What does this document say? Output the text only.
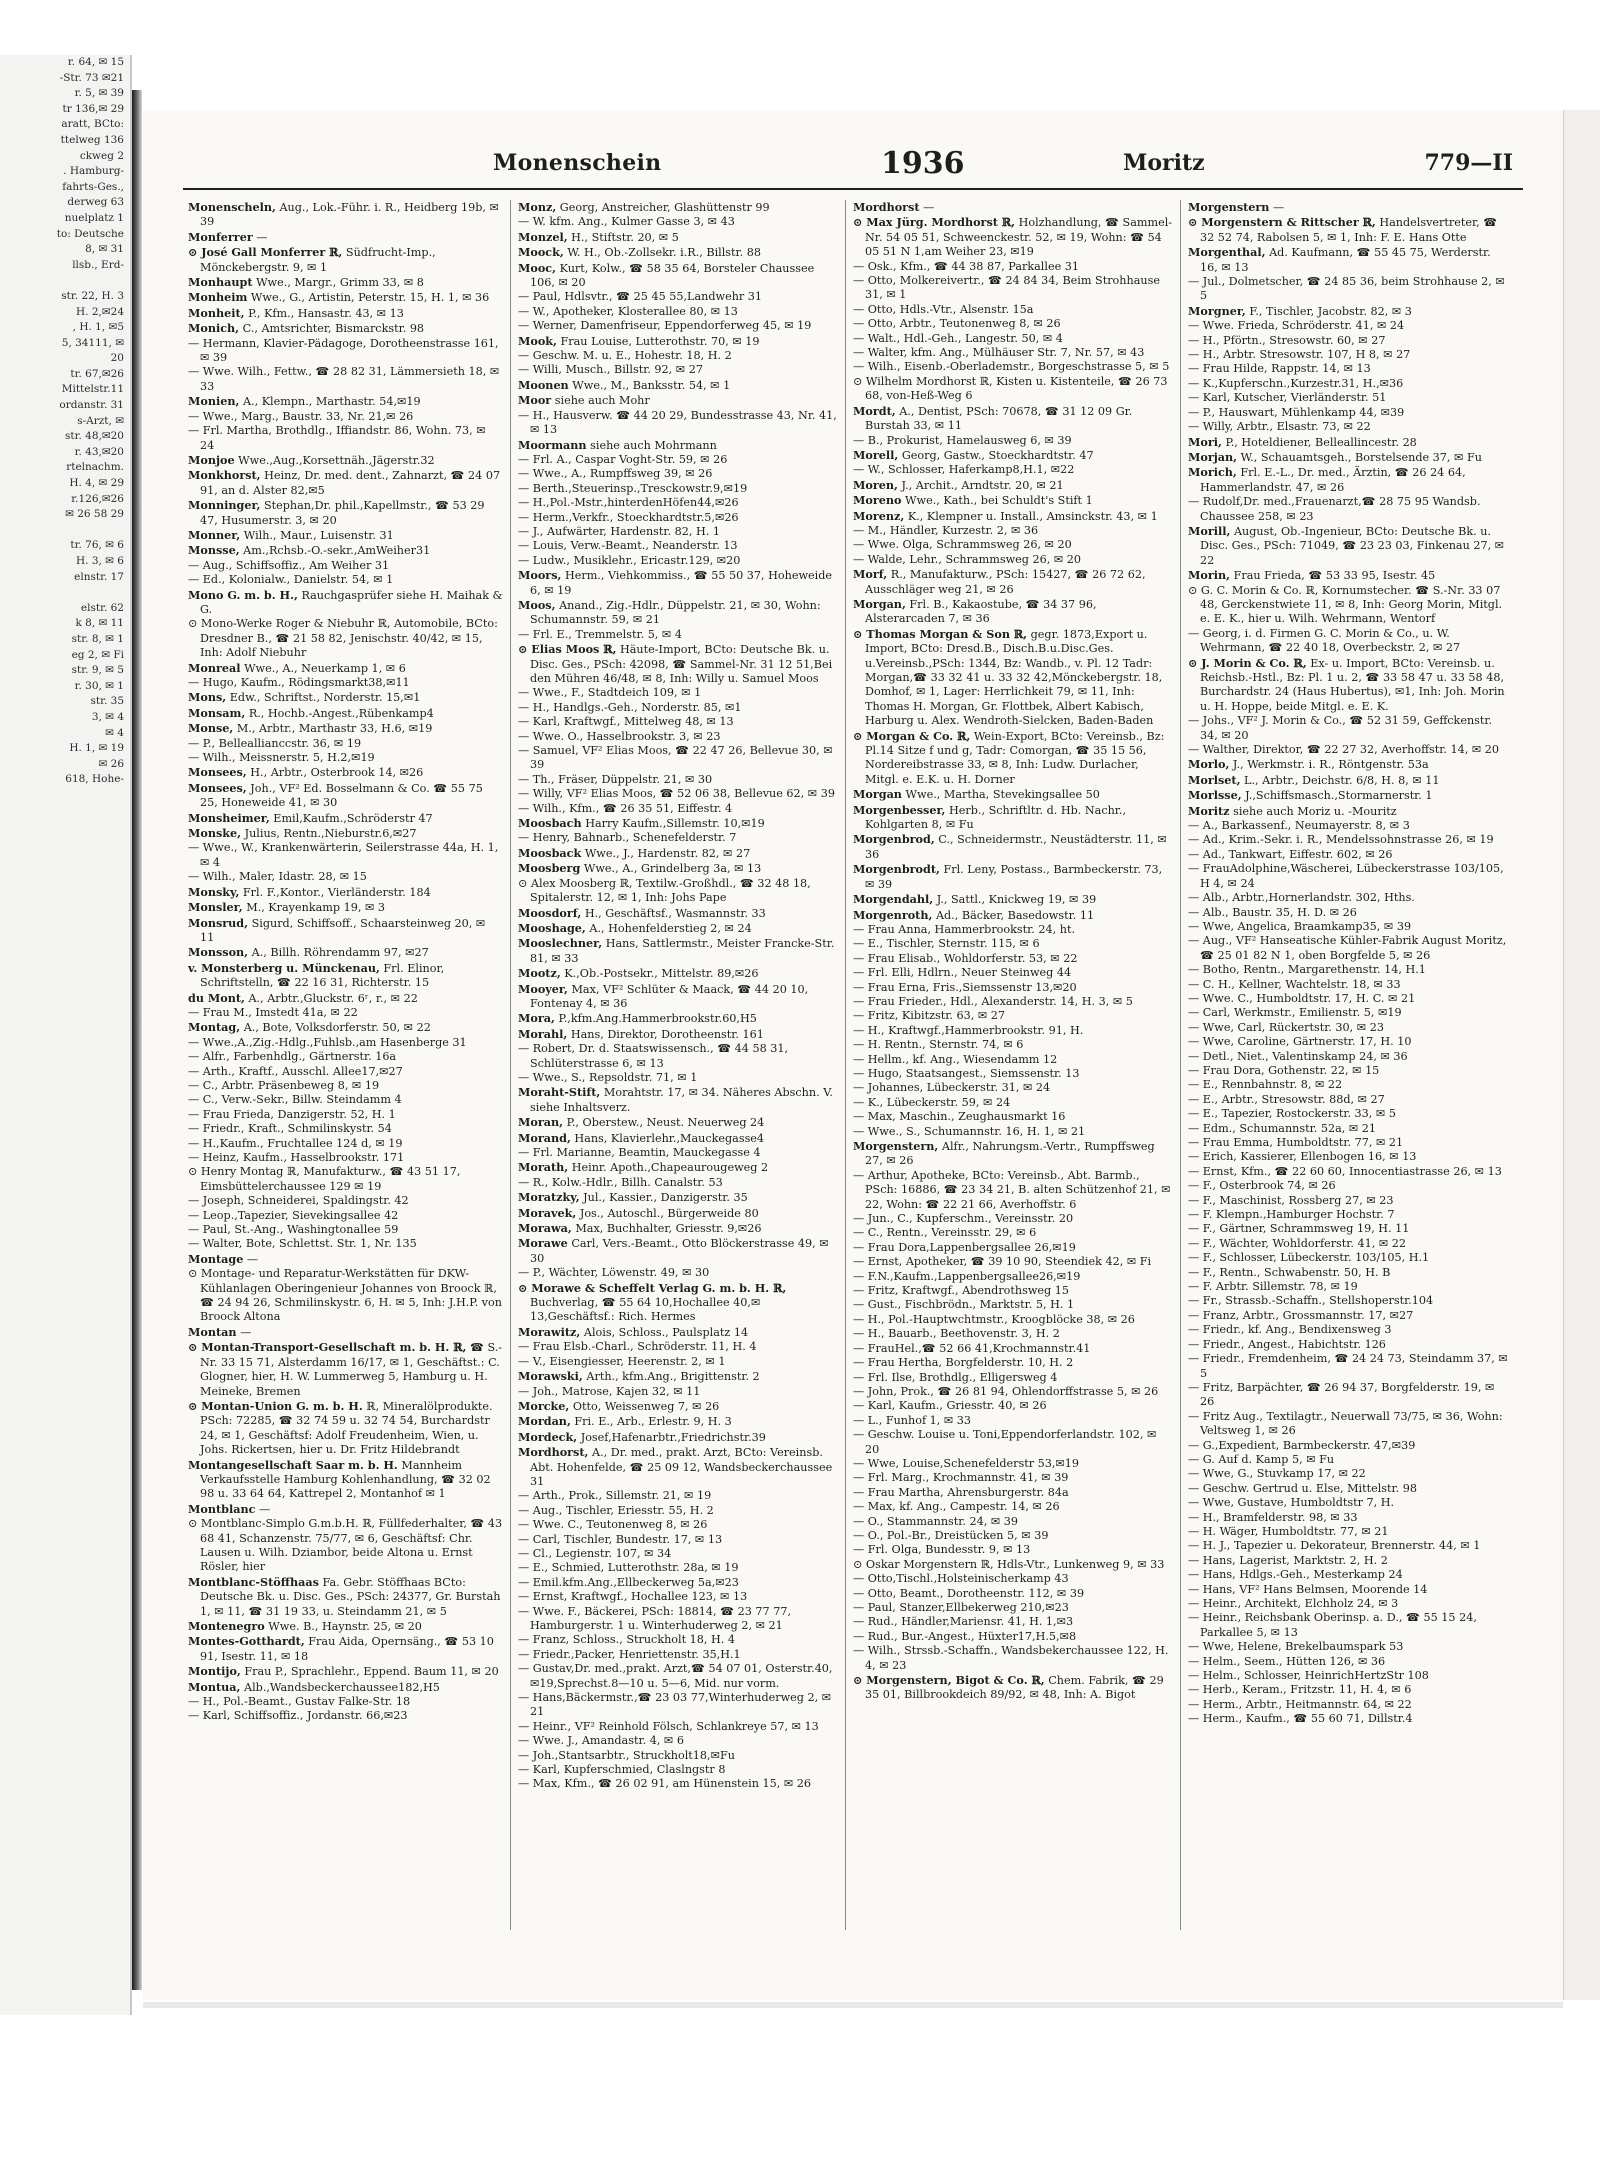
r. 64, ✉ 15
-Str. 73 ✉21
r. 5, ✉ 39
tr 136,✉ 29
aratt, BCto:
ttelweg 136
ckweg 2
. Hamburg-
fahrts-Ges.,
derweg 63
nuelplatz 1
to: Deutsche
8, ✉ 31
llsb., Erd-

str. 22, H. 3
H. 2,✉24
, H. 1, ✉5
5, 34111, ✉
20
tr. 67,✉26
Mittelstr.11
ordanstr. 31
s-Arzt, ✉
str. 48,✉20
r. 43,✉20
rtelnachm.
H. 4, ✉ 29
r.126,✉26
✉ 26 58 29

tr. 76, ✉ 6
H. 3, ✉ 6
elnstr. 17

elstr. 62
k 8, ✉ 11
str. 8, ✉ 1
eg 2, ✉ Fi
str. 9, ✉ 5
r. 30, ✉ 1
str. 35
3, ✉ 4
✉ 4
H. 1, ✉ 19
✉ 26
618, Hohe-
Monenschein	1936	Moritz	779—II

Monenscheln, Aug., Lok.-Führ. i. R., Heidberg 19b, ✉ 39

Monferrer —

⊙ José Gall Monferrer ℝ, Südfrucht-Imp., Mönckebergstr. 9, ✉ 1

Monhaupt Wwe., Margr., Grimm 33, ✉ 8

Monheim Wwe., G., Artistin, Peterstr. 15, H. 1, ✉ 36

Monheit, P., Kfm., Hansastr. 43, ✉ 13

Monich, C., Amtsrichter, Bismarckstr. 98

— Hermann, Klavier-Pädagoge, Dorotheenstrasse 161, ✉ 39

— Wwe. Wilh., Fettw., ☎ 28 82 31, Lämmersieth 18, ✉ 33

Monien, A., Klempn., Marthastr. 54,✉19

— Wwe., Marg., Baustr. 33, Nr. 21,✉ 26

— Frl. Martha, Brothdlg., Iffiandstr. 86, Wohn. 73, ✉ 24

Monjoe Wwe.,Aug.,Korsettnäh.,Jägerstr.32

Monkhorst, Heinz, Dr. med. dent., Zahnarzt, ☎ 24 07 91, an d. Alster 82,✉5

Monninger, Stephan,Dr. phil.,Kapellmstr., ☎ 53 29 47, Husumerstr. 3, ✉ 20

Monner, Wilh., Maur., Luisenstr. 31

Monsse, Am.,Rchsb.-O.-sekr.,AmWeiher31

— Aug., Schiffsoffiz., Am Weiher 31

— Ed., Kolonialw., Danielstr. 54, ✉ 1

Mono G. m. b. H., Rauchgasprüfer siehe H. Maihak & G.

⊙ Mono-Werke Roger & Niebuhr ℝ, Automobile, BCto: Dresdner B., ☎ 21 58 82, Jenischstr. 40/42, ✉ 15, Inh: Adolf Niebuhr

Monreal Wwe., A., Neuerkamp 1, ✉ 6

— Hugo, Kaufm., Rödingsmarkt38,✉11

Mons, Edw., Schriftst., Norderstr. 15,✉1

Monsam, R., Hochb.-Angest.,Rübenkamp4

Monse, M., Arbtr., Marthastr 33, H.6, ✉19

— P., Belleallianccstr. 36, ✉ 19

— Wilh., Meissnerstr. 5, H.2,✉19

Monsees, H., Arbtr., Osterbrook 14, ✉26

Monsees, Joh., ⅤF² Ed. Bosselmann & Co. ☎ 55 75 25, Honeweide 41, ✉ 30

Monsheimer, Emil,Kaufm.,Schröderstr 47

Monske, Julius, Rentn.,Nieburstr.6,✉27

— Wwe., W., Krankenwärterin, Seilerstrasse 44a, H. 1, ✉ 4

— Wilh., Maler, Idastr. 28, ✉ 15

Monsky, Frl. F.,Kontor., Vierländerstr. 184

Monsler, M., Krayenkamp 19, ✉ 3

Monsrud, Sigurd, Schiffsoff., Schaarsteinweg 20, ✉ 11

Monsson, A., Billh. Röhrendamm 97, ✉27

v. Monsterberg u. Münckenau, Frl. Elinor, Schriftstelln, ☎ 22 16 31, Richterstr. 15

du Mont, A., Arbtr.,Gluckstr. 6ʳ, r., ✉ 22

— Frau M., Imstedt 41a, ✉ 22

Montag, A., Bote, Volksdorferstr. 50, ✉ 22

— Wwe.,A.,Zig.-Hdlg.,Fuhlsb.,am Hasenberge 31

— Alfr., Farbenhdlg., Gärtnerstr. 16a

— Arth., Kraftf., Ausschl. Allee17,✉27

— C., Arbtr. Präsenbeweg 8, ✉ 19

— C., Verw.-Sekr., Billw. Steindamm 4

— Frau Frieda, Danzigerstr. 52, H. 1

— Friedr., Kraft., Schmilinskystr. 54

— H.,Kaufm., Fruchtallee 124 d, ✉ 19

— Heinz, Kaufm., Hasselbrookstr. 171

⊙ Henry Montag ℝ, Manufakturw., ☎ 43 51 17, Eimsbüttelerchaussee 129 ✉ 19

— Joseph, Schneiderei, Spaldingstr. 42

— Leop.,Tapezier, Sievekingsallee 42

— Paul, St.-Ang., Washingtonallee 59

— Walter, Bote, Schlettst. Str. 1, Nr. 135

Montage —

⊙ Montage- und Reparatur-Werkstätten für DKW-Kühlanlagen Oberingenieur Johannes von Broock ℝ, ☎ 24 94 26, Schmilinskystr. 6, H. ✉ 5, Inh: J.H.P. von Broock Altona

Montan —

⊙ Montan-Transport-Gesellschaft m. b. H. ℝ, ☎ S.-Nr. 33 15 71, Alsterdamm 16/17, ✉ 1, Geschäftst.: C. Glogner, hier, H. W. Lummerweg 5, Hamburg u. H. Meineke, Bremen

⊙ Montan-Union G. m. b. H. ℝ, Mineralölprodukte. PSch: 72285, ☎ 32 74 59 u. 32 74 54, Burchardstr 24, ✉ 1, Geschäftsf: Adolf Freudenheim, Wien, u. Johs. Rickertsen, hier u. Dr. Fritz Hildebrandt

Montangesellschaft Saar m. b. H. Mannheim Verkaufsstelle Hamburg Kohlenhandlung, ☎ 32 02 98 u. 33 64 64, Kattrepel 2, Montanhof ✉ 1

Montblanc —

⊙ Montblanc-Simplo G.m.b.H. ℝ, Füllfederhalter, ☎ 43 68 41, Schanzenstr. 75/77, ✉ 6, Geschäftsf: Chr. Lausen u. Wilh. Dziambor, beide Altona u. Ernst Rösler, hier

Montblanc-Stöffhaas Fa. Gebr. Stöffhaas BCto: Deutsche Bk. u. Disc. Ges., PSch: 24377, Gr. Burstah 1, ✉ 11, ☎ 31 19 33, u. Steindamm 21, ✉ 5

Montenegro Wwe. B., Haynstr. 25, ✉ 20

Montes-Gotthardt, Frau Aida, Opernsäng., ☎ 53 10 91, Isestr. 11, ✉ 18

Montijo, Frau P., Sprachlehr., Eppend. Baum 11, ✉ 20

Montua, Alb.,Wandsbeckerchaussee182,H5

— H., Pol.-Beamt., Gustav Falke-Str. 18

— Karl, Schiffsoffiz., Jordanstr. 66,✉23

Monz, Georg, Anstreicher, Glashüttenstr 99

— W. kfm. Ang., Kulmer Gasse 3, ✉ 43

Monzel, H., Stiftstr. 20, ✉ 5

Moock, W. H., Ob.-Zollsekr. i.R., Billstr. 88

Mooc, Kurt, Kolw., ☎ 58 35 64, Borsteler Chaussee 106, ✉ 20

— Paul, Hdlsvtr., ☎ 25 45 55,Landwehr 31

— W., Apotheker, Klosterallee 80, ✉ 13

— Werner, Damenfriseur, Eppendorferweg 45, ✉ 19

Mook, Frau Louise, Lutterothstr. 70, ✉ 19

— Geschw. M. u. E., Hohestr. 18, H. 2

— Willi, Musch., Billstr. 92, ✉ 27

Moonen Wwe., M., Banksstr. 54, ✉ 1

Moor siehe auch Mohr

— H., Hausverw. ☎ 44 20 29, Bundesstrasse 43, Nr. 41, ✉ 13

Moormann siehe auch Mohrmann

— Frl. A., Caspar Voght-Str. 59, ✉ 26

— Wwe., A., Rumpffsweg 39, ✉ 26

— Berth.,Steuerinsp.,Tresckowstr.9,✉19

— H.,Pol.-Mstr.,hinterdenHöfen44,✉26

— Herm.,Verkfr., Stoeckhardtstr.5,✉26

— J., Aufwärter, Hardenstr. 82, H. 1

— Louis, Verw.-Beamt., Neanderstr. 13

— Ludw., Musiklehr., Ericastr.129, ✉20

Moors, Herm., Viehkommiss., ☎ 55 50 37, Hoheweide 6, ✉ 19

Moos, Anand., Zig.-Hdlr., Düppelstr. 21, ✉ 30, Wohn: Schumannstr. 59, ✉ 21

— Frl. E., Tremmelstr. 5, ✉ 4

⊙ Elias Moos ℝ, Häute-Import, BCto: Deutsche Bk. u. Disc. Ges., PSch: 42098, ☎ Sammel-Nr. 31 12 51,Bei den Mühren 46/48, ✉ 8, Inh: Willy u. Samuel Moos

— Wwe., F., Stadtdeich 109, ✉ 1

— H., Handlgs.-Geh., Norderstr. 85, ✉1

— Karl, Kraftwgf., Mittelweg 48, ✉ 13

— Wwe. O., Hasselbrookstr. 3, ✉ 23

— Samuel, ⅤF² Elias Moos, ☎ 22 47 26, Bellevue 30, ✉ 39

— Th., Fräser, Düppelstr. 21, ✉ 30

— Willy, ⅤF² Elias Moos, ☎ 52 06 38, Bellevue 62, ✉ 39

— Wilh., Kfm., ☎ 26 35 51, Eiffestr. 4

Moosbach Harry Kaufm.,Sillemstr. 10,✉19

— Henry, Bahnarb., Schenefelderstr. 7

Moosback Wwe., J., Hardenstr. 82, ✉ 27

Moosberg Wwe., A., Grindelberg 3a, ✉ 13

⊙ Alex Moosberg ℝ, Textilw.-Großhdl., ☎ 32 48 18, Spitalerstr. 12, ✉ 1, Inh: Johs Pape

Moosdorf, H., Geschäftsf., Wasmannstr. 33

Mooshage, A., Hohenfelderstieg 2, ✉ 24

Mooslechner, Hans, Sattlermstr., Meister Francke-Str. 81, ✉ 33

Mootz, K.,Ob.-Postsekr., Mittelstr. 89,✉26

Mooyer, Max, ⅤF² Schlüter & Maack, ☎ 44 20 10, Fontenay 4, ✉ 36

Mora, P.,kfm.Ang.Hammerbrookstr.60,H5

Morahl, Hans, Direktor, Dorotheenstr. 161

— Robert, Dr. d. Staatswissensch., ☎ 44 58 31, Schlüterstrasse 6, ✉ 13

— Wwe., S., Repsoldstr. 71, ✉ 1

Moraht-Stift, Morahtstr. 17, ✉ 34. Näheres Abschn. V. siehe Inhaltsverz.

Moran, P., Oberstew., Neust. Neuerweg 24

Morand, Hans, Klavierlehr.,Mauckegasse4

— Frl. Marianne, Beamtin, Mauckegasse 4

Morath, Heinr. Apoth.,Chapeaurougeweg 2

— R., Kolw.-Hdlr., Billh. Canalstr. 53

Moratzky, Jul., Kassier., Danzigerstr. 35

Moravek, Jos., Autoschl., Bürgerweide 80

Morawa, Max, Buchhalter, Griesstr. 9,✉26

Morawe Carl, Vers.-Beamt., Otto Blöckerstrasse 49, ✉ 30

— P., Wächter, Löwenstr. 49, ✉ 30

⊙ Morawe & Scheffelt Verlag G. m. b. H. ℝ, Buchverlag, ☎ 55 64 10,Hochallee 40,✉13,Geschäftsf.: Rich. Hermes

Morawitz, Alois, Schloss., Paulsplatz 14

— Frau Elsb.-Charl., Schröderstr. 11, H. 4

— V., Eisengiesser, Heerenstr. 2, ✉ 1

Morawski, Arth., kfm.Ang., Brigittenstr. 2

— Joh., Matrose, Kajen 32, ✉ 11

Morcke, Otto, Weissenweg 7, ✉ 26

Mordan, Fri. E., Arb., Erlestr. 9, H. 3

Mordeck, Josef,Hafenarbtr.,Friedrichstr.39

Mordhorst, A., Dr. med., prakt. Arzt, BCto: Vereinsb. Abt. Hohenfelde, ☎ 25 09 12, Wandsbeckerchaussee 31

— Arth., Prok., Sillemstr. 21, ✉ 19

— Aug., Tischler, Eriesstr. 55, H. 2

— Wwe. C., Teutonenweg 8, ✉ 26

— Carl, Tischler, Bundestr. 17, ✉ 13

— Cl., Legienstr. 107, ✉ 34

— E., Schmied, Lutterothstr. 28a, ✉ 19

— Emil.kfm.Ang.,Ellbeckerweg 5a,✉23

— Ernst, Kraftwgf., Hochallee 123, ✉ 13

— Wwe. F., Bäckerei, PSch: 18814, ☎ 23 77 77, Hamburgerstr. 1 u. Winterhuderweg 2, ✉ 21

— Franz, Schloss., Struckholt 18, H. 4

— Friedr.,Packer, Henriettenstr. 35,H.1

— Gustav,Dr. med.,prakt. Arzt,☎ 54 07 01, Osterstr.40,✉19,Sprechst.8—10 u. 5—6, Mid. nur vorm.

— Hans,Bäckermstr.,☎ 23 03 77,Winterhuderweg 2, ✉ 21

— Heinr., ⅤF² Reinhold Fölsch, Schlankreye 57, ✉ 13

— Wwe. J., Amandastr. 4, ✉ 6

— Joh.,Stantsarbtr., Struckholt18,✉Fu

— Karl, Kupferschmied, Claslngstr 8

— Max, Kfm., ☎ 26 02 91, am Hünenstein 15, ✉ 26

Mordhorst —

⊙ Max Jürg. Mordhorst ℝ, Holzhandlung, ☎ Sammel-Nr. 54 05 51, Schweenckestr. 52, ✉ 19, Wohn: ☎ 54 05 51 N 1,am Weiher 23, ✉19

— Osk., Kfm., ☎ 44 38 87, Parkallee 31

— Otto, Molkereivertr., ☎ 24 84 34, Beim Strohhause 31, ✉ 1

— Otto, Hdls.-Vtr., Alsenstr. 15a

— Otto, Arbtr., Teutonenweg 8, ✉ 26

— Walt., Hdl.-Geh., Langestr. 50, ✉ 4

— Walter, kfm. Ang., Mülhäuser Str. 7, Nr. 57, ✉ 43

— Wilh., Eisenb.-Oberlademstr., Borgeschstrasse 5, ✉ 5

⊙ Wilhelm Mordhorst ℝ, Kisten u. Kistenteile, ☎ 26 73 68, von-Heß-Weg 6

Mordt, A., Dentist, PSch: 70678, ☎ 31 12 09 Gr. Burstah 33, ✉ 11

— B., Prokurist, Hamelausweg 6, ✉ 39

Morell, Georg, Gastw., Stoeckhardtstr. 47

— W., Schlosser, Haferkamp8,H.1, ✉22

Moren, J., Archit., Arndtstr. 20, ✉ 21

Moreno Wwe., Kath., bei Schuldt's Stift 1

Morenz, K., Klempner u. Install., Amsinckstr. 43, ✉ 1

— M., Händler, Kurzestr. 2, ✉ 36

— Wwe. Olga, Schrammsweg 26, ✉ 20

— Walde, Lehr., Schrammsweg 26, ✉ 20

Morf, R., Manufakturw., PSch: 15427, ☎ 26 72 62, Ausschläger weg 21, ✉ 26

Morgan, Frl. B., Kakaostube, ☎ 34 37 96, Alsterarcaden 7, ✉ 36

⊙ Thomas Morgan & Son ℝ, gegr. 1873,Export u. Import, BCto: Dresd.B., Disch.B.u.Disc.Ges. u.Vereinsb.,PSch: 1344, Bz: Wandb., v. Pl. 12 Tadr: Morgan,☎ 33 32 41 u. 33 32 42,Mönckebergstr. 18, Domhof, ✉ 1, Lager: Herrlichkeit 79, ✉ 11, Inh: Thomas H. Morgan, Gr. Flottbek, Albert Kabisch, Harburg u. Alex. Wendroth-Sielcken, Baden-Baden

⊙ Morgan & Co. ℝ, Wein-Export, BCto: Vereinsb., Bz: Pl.14 Sitze f und g, Tadr: Comorgan, ☎ 35 15 56, Nordereibstrasse 33, ✉ 8, Inh: Ludw. Durlacher, Mitgl. e. E.K. u. H. Dorner

Morgan Wwe., Martha, Stevekingsallee 50

Morgenbesser, Herb., Schriftltr. d. Hb. Nachr., Kohlgarten 8, ✉ Fu

Morgenbrod, C., Schneidermstr., Neustädterstr. 11, ✉ 36

Morgenbrodt, Frl. Leny, Postass., Barmbeckerstr. 73, ✉ 39

Morgendahl, J., Sattl., Knickweg 19, ✉ 39

Morgenroth, Ad., Bäcker, Basedowstr. 11

— Frau Anna, Hammerbrookstr. 24, ht.

— E., Tischler, Sternstr. 115, ✉ 6

— Frau Elisab., Wohldorferstr. 53, ✉ 22

— Frl. Elli, Hdlrn., Neuer Steinweg 44

— Frau Erna, Fris.,Siemssenstr 13,✉20

— Frau Frieder., Hdl., Alexanderstr. 14, H. 3, ✉ 5

— Fritz, Kibitzstr. 63, ✉ 27

— H., Kraftwgf.,Hammerbrookstr. 91, H.

— H. Rentn., Sternstr. 74, ✉ 6

— Hellm., kf. Ang., Wiesendamm 12

— Hugo, Staatsangest., Siemssenstr. 13

— Johannes, Lübeckerstr. 31, ✉ 24

— K., Lübeckerstr. 59, ✉ 24

— Max, Maschin., Zeughausmarkt 16

— Wwe., S., Schumannstr. 16, H. 1, ✉ 21

Morgenstern, Alfr., Nahrungsm.-Vertr., Rumpffsweg 27, ✉ 26

— Arthur, Apotheke, BCto: Vereinsb., Abt. Barmb., PSch: 16886, ☎ 23 34 21, B. alten Schützenhof 21, ✉ 22, Wohn: ☎ 22 21 66, Averhoffstr. 6

— Jun., C., Kupferschm., Vereinsstr. 20

— C., Rentn., Vereinsstr. 29, ✉ 6

— Frau Dora,Lappenbergsallee 26,✉19

— Ernst, Apotheker, ☎ 39 10 90, Steendiek 42, ✉ Fi

— F.N.,Kaufm.,Lappenbergsallee26,✉19

— Fritz, Kraftwgf., Abendrothsweg 15

— Gust., Fischbrödn., Marktstr. 5, H. 1

— H., Pol.-Hauptwchtmstr., Kroogblöcke 38, ✉ 26

— H., Bauarb., Beethovenstr. 3, H. 2

— FrauHel.,☎ 52 66 41,Krochmannstr.41

— Frau Hertha, Borgfelderstr. 10, H. 2

— Frl. Ilse, Brothdlg., Elligersweg 4

— John, Prok., ☎ 26 81 94, Ohlendorffstrasse 5, ✉ 26

— Karl, Kaufm., Griesstr. 40, ✉ 26

— L., Funhof 1, ✉ 33

— Geschw. Louise u. Toni,Eppendorferlandstr. 102, ✉ 20

— Wwe, Louise,Schenefelderstr 53,✉19

— Frl. Marg., Krochmannstr. 41, ✉ 39

— Frau Martha, Ahrensburgerstr. 84a

— Max, kf. Ang., Campestr. 14, ✉ 26

— O., Stammannstr. 24, ✉ 39

— O., Pol.-Br., Dreistücken 5, ✉ 39

— Frl. Olga, Bundesstr. 9, ✉ 13

⊙ Oskar Morgenstern ℝ, Hdls-Vtr., Lunkenweg 9, ✉ 33

— Otto,Tischl.,Holsteinischerkamp 43

— Otto, Beamt., Dorotheenstr. 112, ✉ 39

— Paul, Stanzer,Ellbekerweg 210,✉23

— Rud., Händler,Mariensr. 41, H. 1,✉3

— Rud., Bur.-Angest., Hüxter17,H.5,✉8

— Wilh., Strssb.-Schaffn., Wandsbekerchaussee 122, H. 4, ✉ 23

⊙ Morgenstern, Bigot & Co. ℝ, Chem. Fabrik, ☎ 29 35 01, Billbrookdeich 89/92, ✉ 48, Inh: A. Bigot

Morgenstern —

⊙ Morgenstern & Rittscher ℝ, Handelsvertreter, ☎ 32 52 74, Rabolsen 5, ✉ 1, Inh: F. E. Hans Otte

Morgenthal, Ad. Kaufmann, ☎ 55 45 75, Werderstr. 16, ✉ 13

— Jul., Dolmetscher, ☎ 24 85 36, beim Strohhause 2, ✉ 5

Morgner, F., Tischler, Jacobstr. 82, ✉ 3

— Wwe. Frieda, Schröderstr. 41, ✉ 24

— H., Pförtn., Stresowstr. 60, ✉ 27

— H., Arbtr. Stresowstr. 107, H 8, ✉ 27

— Frau Hilde, Rappstr. 14, ✉ 13

— K.,Kupferschn.,Kurzestr.31, H.,✉36

— Karl, Kutscher, Vierländerstr. 51

— P., Hauswart, Mühlenkamp 44, ✉39

— Willy, Arbtr., Elsastr. 73, ✉ 22

Mori, P., Hoteldiener, Belleallincestr. 28

Morjan, W., Schauamtsgeh., Borstelsende 37, ✉ Fu

Morich, Frl. E.-L., Dr. med., Ärztin, ☎ 26 24 64, Hammerlandstr. 47, ✉ 26

— Rudolf,Dr. med.,Frauenarzt,☎ 28 75 95 Wandsb. Chaussee 258, ✉ 23

Morill, August, Ob.-Ingenieur, BCto: Deutsche Bk. u. Disc. Ges., PSch: 71049, ☎ 23 23 03, Finkenau 27, ✉ 22

Morin, Frau Frieda, ☎ 53 33 95, Isestr. 45

⊙ G. C. Morin & Co. ℝ, Kornumstecher. ☎ S.-Nr. 33 07 48, Gerckenstwiete 11, ✉ 8, Inh: Georg Morin, Mitgl. e. E. K., hier u. Wilh. Wehrmann, Wentorf

— Georg, i. d. Firmen G. C. Morin & Co., u. W. Wehrmann, ☎ 22 40 18, Overbeckstr. 2, ✉ 27

⊙ J. Morin & Co. ℝ, Ex- u. Import, BCto: Vereinsb. u. Reichsb.-Hstl., Bz: Pl. 1 u. 2, ☎ 33 58 47 u. 33 58 48, Burchardstr. 24 (Haus Hubertus), ✉1, Inh: Joh. Morin u. H. Hoppe, beide Mitgl. e. E. K.

— Johs., ⅤF² J. Morin & Co., ☎ 52 31 59, Geffckenstr. 34, ✉ 20

— Walther, Direktor, ☎ 22 27 32, Averhoffstr. 14, ✉ 20

Morlo, J., Werkmstr. i. R., Röntgenstr. 53a

Morlset, L., Arbtr., Deichstr. 6/8, H. 8, ✉ 11

Morlsse, J.,Schiffsmasch.,Stormarnerstr. 1

Moritz siehe auch Moriz u. -Mouritz

— A., Barkassenf., Neumayerstr. 8, ✉ 3

— Ad., Krim.-Sekr. i. R., Mendelssohnstrasse 26, ✉ 19

— Ad., Tankwart, Eiffestr. 602, ✉ 26

— FrauAdolphine,Wäscherei, Lübeckerstrasse 103/105, H 4, ✉ 24

— Alb., Arbtr.,Hornerlandstr. 302, Hths.

— Alb., Baustr. 35, H. D. ✉ 26

— Wwe, Angelica, Braamkamp35, ✉ 39

— Aug., ⅤF² Hanseatische Kühler-Fabrik August Moritz, ☎ 25 01 82 N 1, oben Borgfelde 5, ✉ 26

— Botho, Rentn., Margarethenstr. 14, H.1

— C. H., Kellner, Wachtelstr. 18, ✉ 33

— Wwe. C., Humboldtstr. 17, H. C. ✉ 21

— Carl, Werkmstr., Emilienstr. 5, ✉19

— Wwe, Carl, Rückertstr. 30, ✉ 23

— Wwe, Caroline, Gärtnerstr. 17, H. 10

— Detl., Niet., Valentinskamp 24, ✉ 36

— Frau Dora, Gothenstr. 22, ✉ 15

— E., Rennbahnstr. 8, ✉ 22

— E., Arbtr., Stresowstr. 88d, ✉ 27

— E., Tapezier, Rostockerstr. 33, ✉ 5

— Edm., Schumannstr. 52a, ✉ 21

— Frau Emma, Humboldtstr. 77, ✉ 21

— Erich, Kassierer, Ellenbogen 16, ✉ 13

— Ernst, Kfm., ☎ 22 60 60, Innocentiastrasse 26, ✉ 13

— F., Osterbrook 74, ✉ 26

— F., Maschinist, Rossberg 27, ✉ 23

— F. Klempn.,Hamburger Hochstr. 7

— F., Gärtner, Schrammsweg 19, H. 11

— F., Wächter, Wohldorferstr. 41, ✉ 22

— F., Schlosser, Lübeckerstr. 103/105, H.1

— F., Rentn., Schwabenstr. 50, H. B

— F. Arbtr. Sillemstr. 78, ✉ 19

— Fr., Strassb.-Schaffn., Stellshoperstr.104

— Franz, Arbtr., Grossmannstr. 17, ✉27

— Friedr., kf. Ang., Bendixensweg 3

— Friedr., Angest., Habichtstr. 126

— Friedr., Fremdenheim, ☎ 24 24 73, Steindamm 37, ✉ 5

— Fritz, Barpächter, ☎ 26 94 37, Borgfelderstr. 19, ✉ 26

— Fritz Aug., Textilagtr., Neuerwall 73/75, ✉ 36, Wohn: Veltsweg 1, ✉ 26

— G.,Expedient, Barmbeckerstr. 47,✉39

— G. Auf d. Kamp 5, ✉ Fu

— Wwe, G., Stuvkamp 17, ✉ 22

— Geschw. Gertrud u. Else, Mittelstr. 98

— Wwe, Gustave, Humboldtstr 7, H.

— H., Bramfelderstr. 98, ✉ 33

— H. Wäger, Humboldtstr. 77, ✉ 21

— H. J., Tapezier u. Dekorateur, Brennerstr. 44, ✉ 1

— Hans, Lagerist, Marktstr. 2, H. 2

— Hans, Hdlgs.-Geh., Mesterkamp 24

— Hans, ⅤF² Hans Belmsen, Moorende 14

— Heinr., Architekt, Elchholz 24, ✉ 3

— Heinr., Reichsbank Oberinsp. a. D., ☎ 55 15 24, Parkallee 5, ✉ 13

— Wwe, Helene, Brekelbaumspark 53

— Helm., Seem., Hütten 126, ✉ 36

— Helm., Schlosser, HeinrichHertzStr 108

— Herb., Keram., Fritzstr. 11, H. 4, ✉ 6

— Herm., Arbtr., Heitmannstr. 64, ✉ 22

— Herm., Kaufm., ☎ 55 60 71, Dillstr.4
